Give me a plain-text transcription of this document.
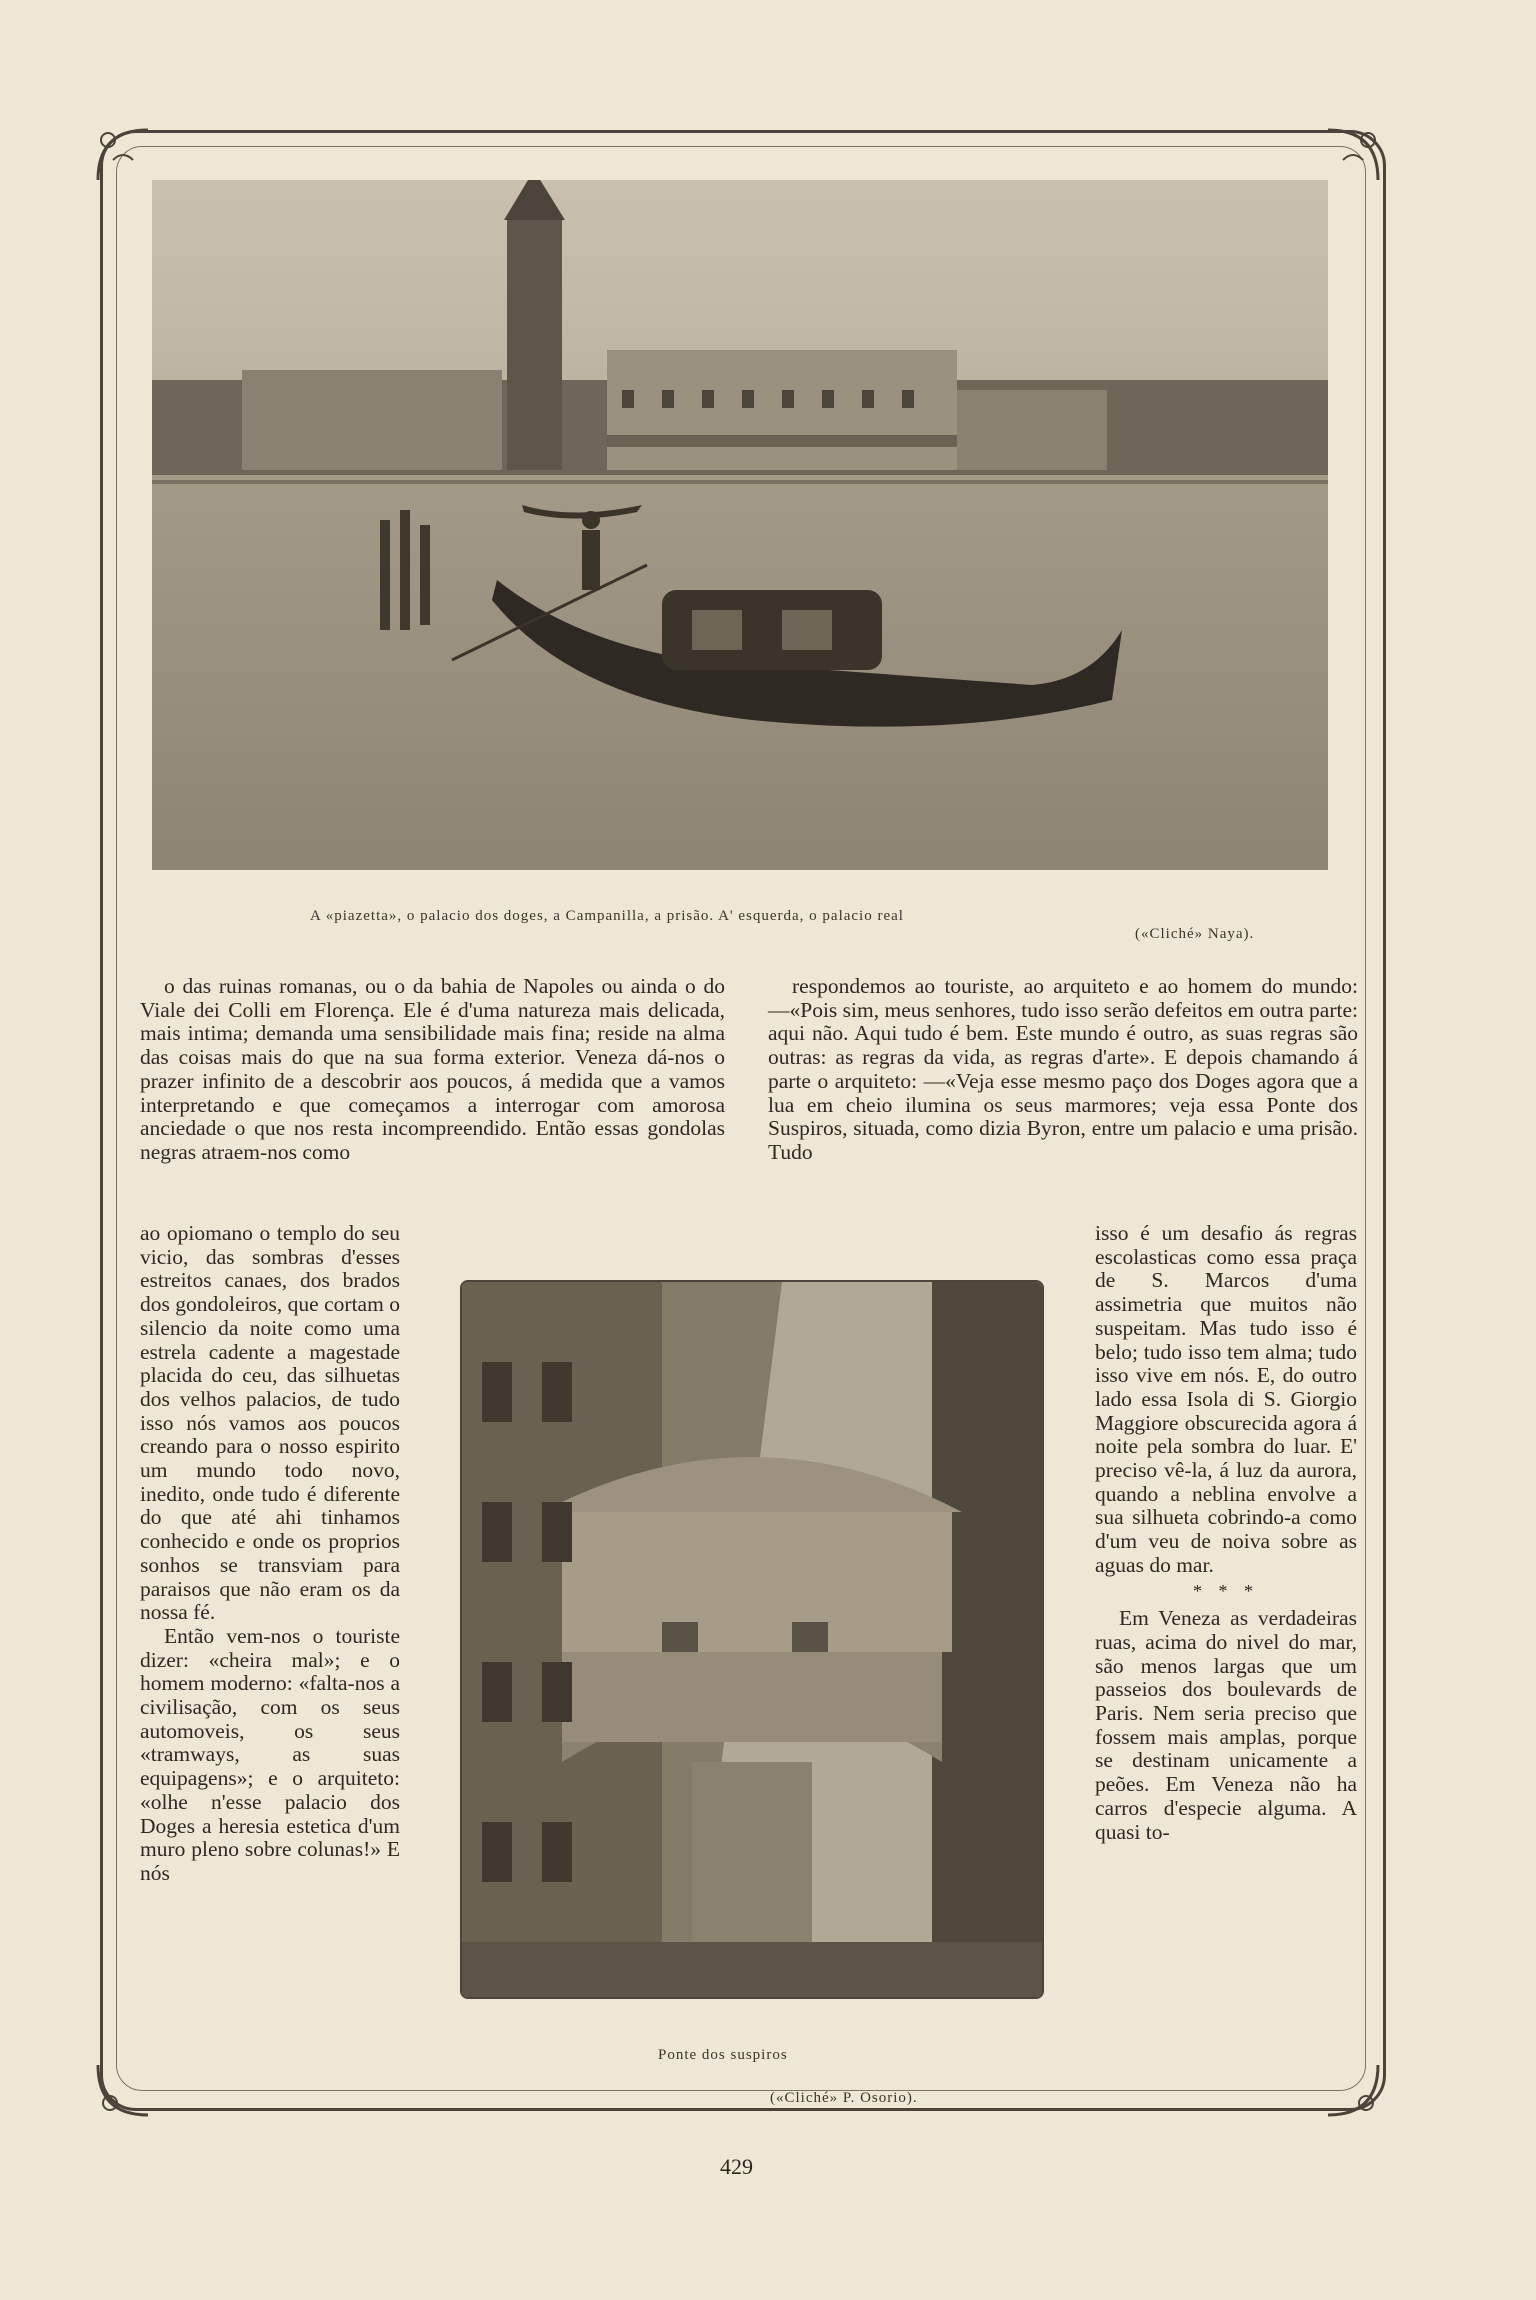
A «piazetta», o palacio dos doges, a Campanilla, a prisão. A' esquerda, o palacio real
(«Cliché» Naya).

o das ruinas romanas, ou o da bahia de Napoles ou ainda o do Viale dei Colli em Florença. Ele é d'uma natureza mais delicada, mais intima; demanda uma sensibilidade mais fina; reside na alma das coisas mais do que na sua forma exterior. Veneza dá-nos o prazer infinito de a descobrir aos poucos, á medida que a vamos interpretando e que começamos a interrogar com amorosa anciedade o que nos resta incompreendido. Então essas gondolas negras atraem-nos como

respondemos ao touriste, ao arquiteto e ao homem do mundo:—«Pois sim, meus senhores, tudo isso serão defeitos em outra parte: aqui não. Aqui tudo é bem. Este mundo é outro, as suas regras são outras: as regras da vida, as regras d'arte». E depois chamando á parte o arquiteto: —«Veja esse mesmo paço dos Doges agora que a lua em cheio ilumina os seus marmores; veja essa Ponte dos Suspiros, situada, como dizia Byron, entre um palacio e uma prisão. Tudo

Ponte dos suspiros
(«Cliché» P. Osorio).

ao opiomano o templo do seu vicio, das sombras d'esses estreitos canaes, dos brados dos gondoleiros, que cortam o silencio da noite como uma estrela cadente a magestade placida do ceu, das silhuetas dos velhos palacios, de tudo isso nós vamos aos poucos creando para o nosso espirito um mundo todo novo, inedito, onde tudo é diferente do que até ahi tinhamos conhecido e onde os proprios sonhos se transviam para paraisos que não eram os da nossa fé.

Então vem-nos o touriste dizer: «cheira mal»; e o homem moderno: «falta-nos a civilisação, com os seus automoveis, os seus «tramways, as suas equipagens»; e o arquiteto: «olhe n'esse palacio dos Doges a heresia estetica d'um muro pleno sobre colunas!» E nós

isso é um desafio ás regras escolasticas como essa praça de S. Marcos d'uma assimetria que muitos não suspeitam. Mas tudo isso é belo; tudo isso tem alma; tudo isso vive em nós. E, do outro lado essa Isola di S. Giorgio Maggiore obscurecida agora á noite pela sombra do luar. E' preciso vê-la, á luz da aurora, quando a neblina envolve a sua silhueta cobrindo-a como d'um veu de noiva sobre as aguas do mar.

* * *

Em Veneza as verdadeiras ruas, acima do nivel do mar, são menos largas que um passeios dos boulevards de Paris. Nem seria preciso que fossem mais amplas, porque se destinam unicamente a peões. Em Veneza não ha carros d'especie alguma. A quasi to-

429
